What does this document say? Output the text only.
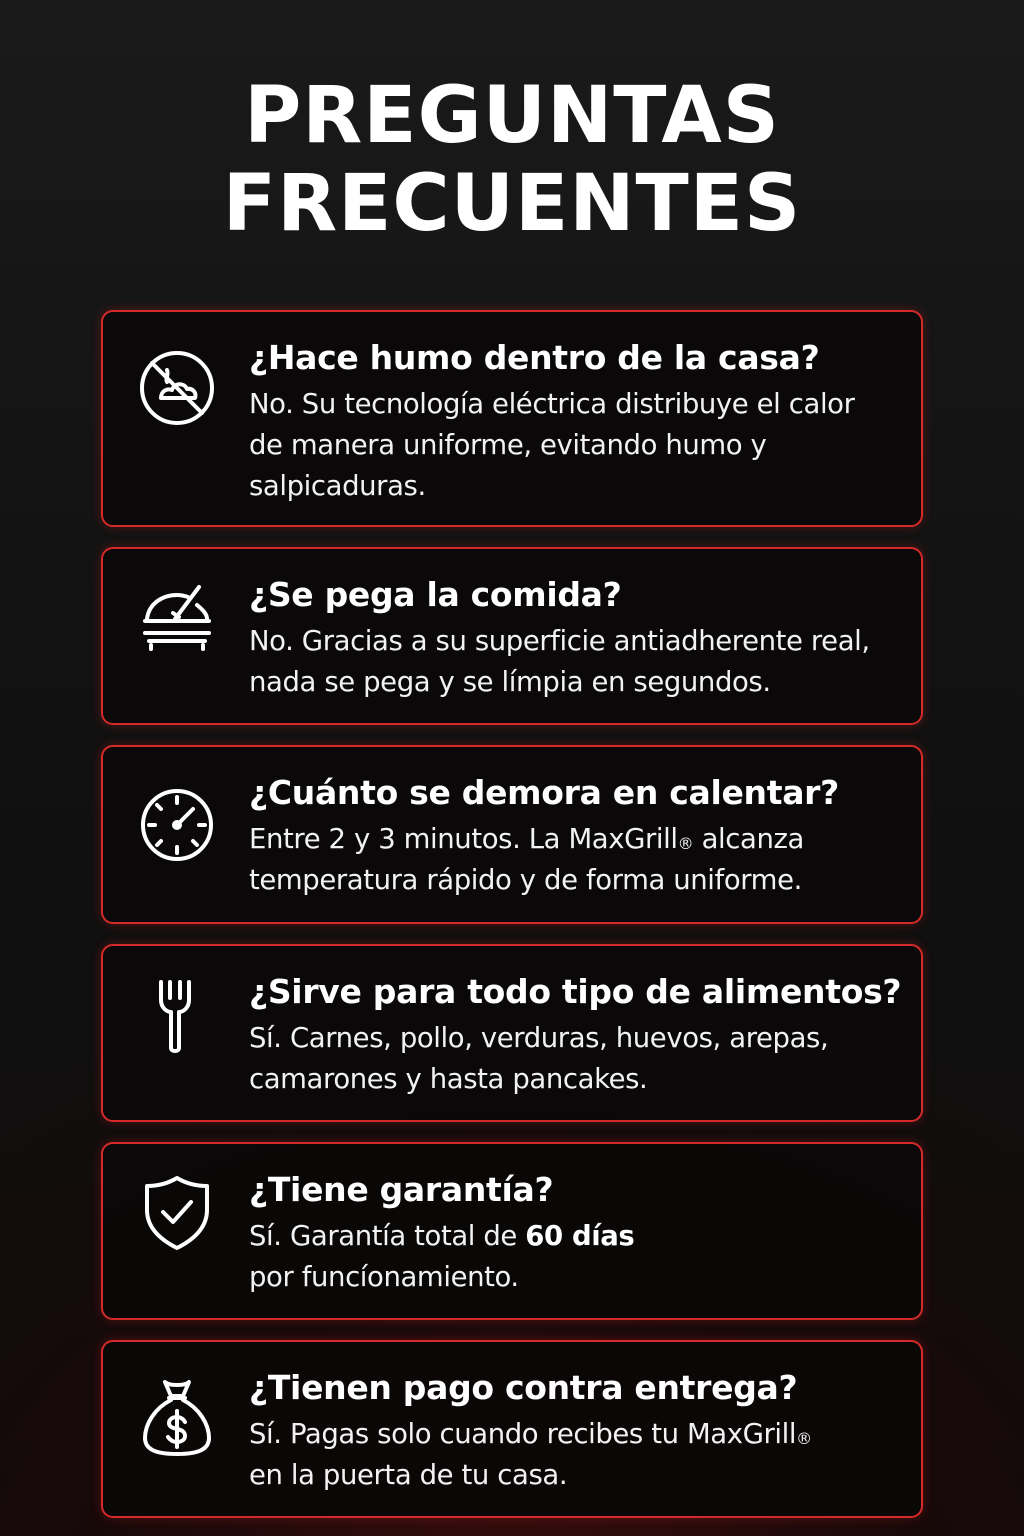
PREGUNTAS
FRECUENTES

¿Hace humo dentro de la casa?

No. Su tecnología eléctrica distribuye el calor
de manera uniforme, evitando humo y
salpicaduras.

¿Se pega la comida?

No. Gracias a su superficie antiadherente real,
nada se pega y se límpia en segundos.

¿Cuánto se demora en calentar?

Entre 2 y 3 minutos. La MaxGrill® alcanza
temperatura rápido y de forma uniforme.

¿Sirve para todo tipo de alimentos?

Sí. Carnes, pollo, verduras, huevos, arepas,
camarones y hasta pancakes.

¿Tiene garantía?

Sí. Garantía total de 60 días
por funcíonamiento.

¿Tienen pago contra entrega?

Sí. Pagas solo cuando recibes tu MaxGrill®
en la puerta de tu casa.
